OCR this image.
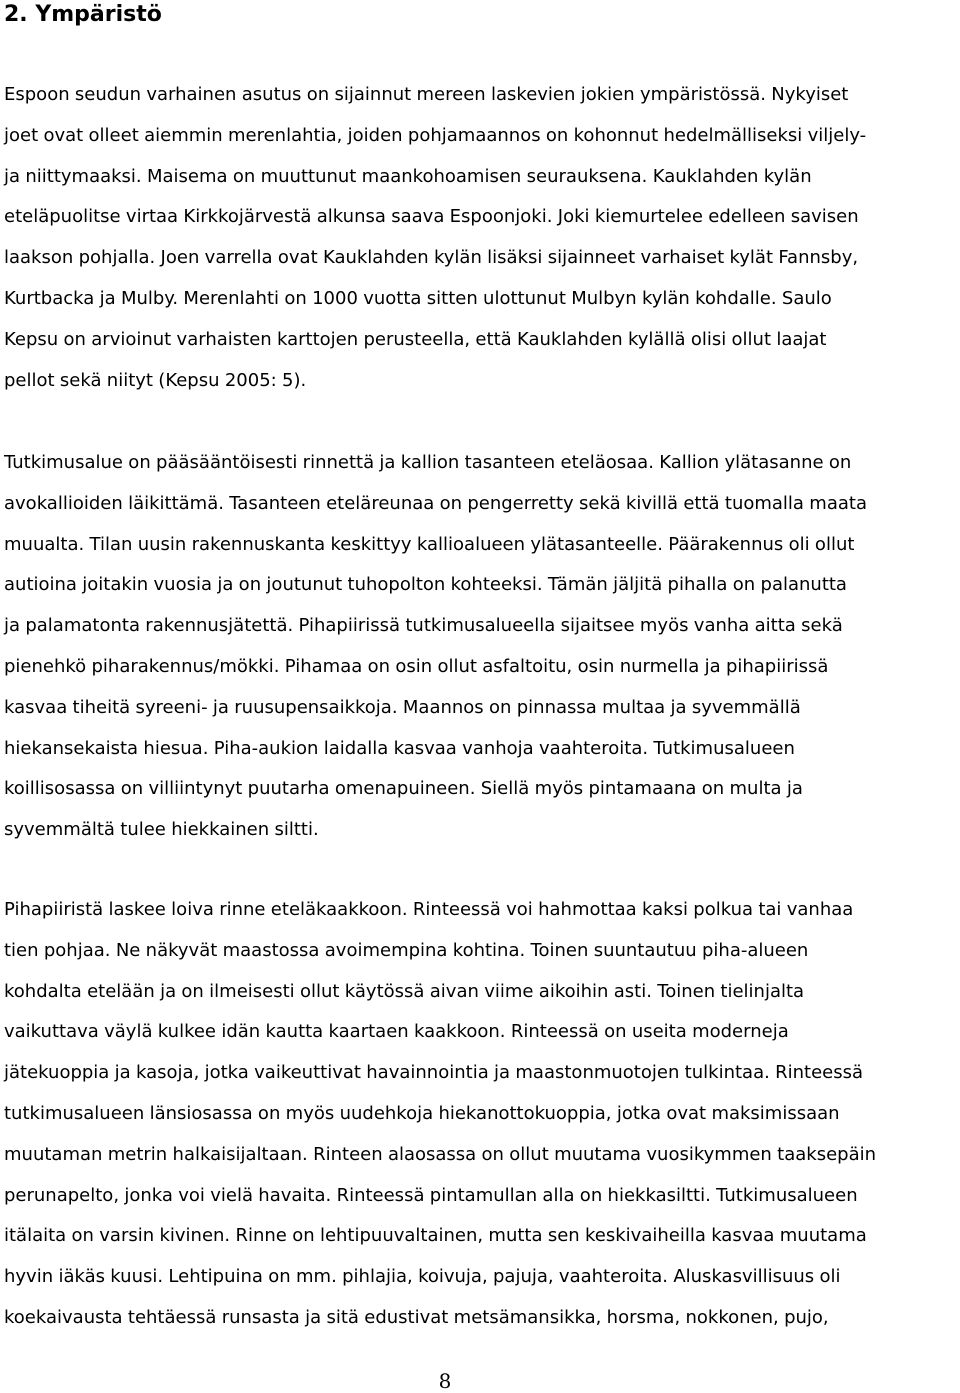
2. Ympäristö
Espoon seudun varhainen asutus on sijainnut mereen laskevien jokien ympäristössä. Nykyiset
joet ovat olleet aiemmin merenlahtia, joiden pohjamaannos on kohonnut hedelmälliseksi viljely-
ja niittymaaksi. Maisema on muuttunut maankohoamisen seurauksena. Kauklahden kylän
eteläpuolitse virtaa Kirkkojärvestä alkunsa saava Espoonjoki. Joki kiemurtelee edelleen savisen
laakson pohjalla. Joen varrella ovat Kauklahden kylän lisäksi sijainneet varhaiset kylät Fannsby,
Kurtbacka ja Mulby. Merenlahti on 1000 vuotta sitten ulottunut Mulbyn kylän kohdalle. Saulo
Kepsu on arvioinut varhaisten karttojen perusteella, että Kauklahden kylällä olisi ollut laajat
pellot sekä niityt (Kepsu 2005: 5).
Tutkimusalue on pääsääntöisesti rinnettä ja kallion tasanteen eteläosaa. Kallion ylätasanne on
avokallioiden läikittämä. Tasanteen eteläreunaa on pengerretty sekä kivillä että tuomalla maata
muualta. Tilan uusin rakennuskanta keskittyy kallioalueen ylätasanteelle. Päärakennus oli ollut
autioina joitakin vuosia ja on joutunut tuhopolton kohteeksi. Tämän jäljitä pihalla on palanutta
ja palamatonta rakennusjätettä. Pihapiirissä tutkimusalueella sijaitsee myös vanha aitta sekä
pienehkö piharakennus/mökki. Pihamaa on osin ollut asfaltoitu, osin nurmella ja pihapiirissä
kasvaa tiheitä syreeni- ja ruusupensaikkoja. Maannos on pinnassa multaa ja syvemmällä
hiekansekaista hiesua. Piha-aukion laidalla kasvaa vanhoja vaahteroita. Tutkimusalueen
koillisosassa on villiintynyt puutarha omenapuineen. Siellä myös pintamaana on multa ja
syvemmältä tulee hiekkainen siltti.
Pihapiiristä laskee loiva rinne eteläkaakkoon. Rinteessä voi hahmottaa kaksi polkua tai vanhaa
tien pohjaa. Ne näkyvät maastossa avoimempina kohtina. Toinen suuntautuu piha-alueen
kohdalta etelään ja on ilmeisesti ollut käytössä aivan viime aikoihin asti. Toinen tielinjalta
vaikuttava väylä kulkee idän kautta kaartaen kaakkoon. Rinteessä on useita moderneja
jätekuoppia ja kasoja, jotka vaikeuttivat havainnointia ja maastonmuotojen tulkintaa. Rinteessä
tutkimusalueen länsiosassa on myös uudehkoja hiekanottokuoppia, jotka ovat maksimissaan
muutaman metrin halkaisijaltaan. Rinteen alaosassa on ollut muutama vuosikymmen taaksepäin
perunapelto, jonka voi vielä havaita. Rinteessä pintamullan alla on hiekkasiltti. Tutkimusalueen
itälaita on varsin kivinen. Rinne on lehtipuuvaltainen, mutta sen keskivaiheilla kasvaa muutama
hyvin iäkäs kuusi. Lehtipuina on mm. pihlajia, koivuja, pajuja, vaahteroita. Aluskasvillisuus oli
koekaivausta tehtäessä runsasta ja sitä edustivat metsämansikka, horsma, nokkonen, pujo,
8
